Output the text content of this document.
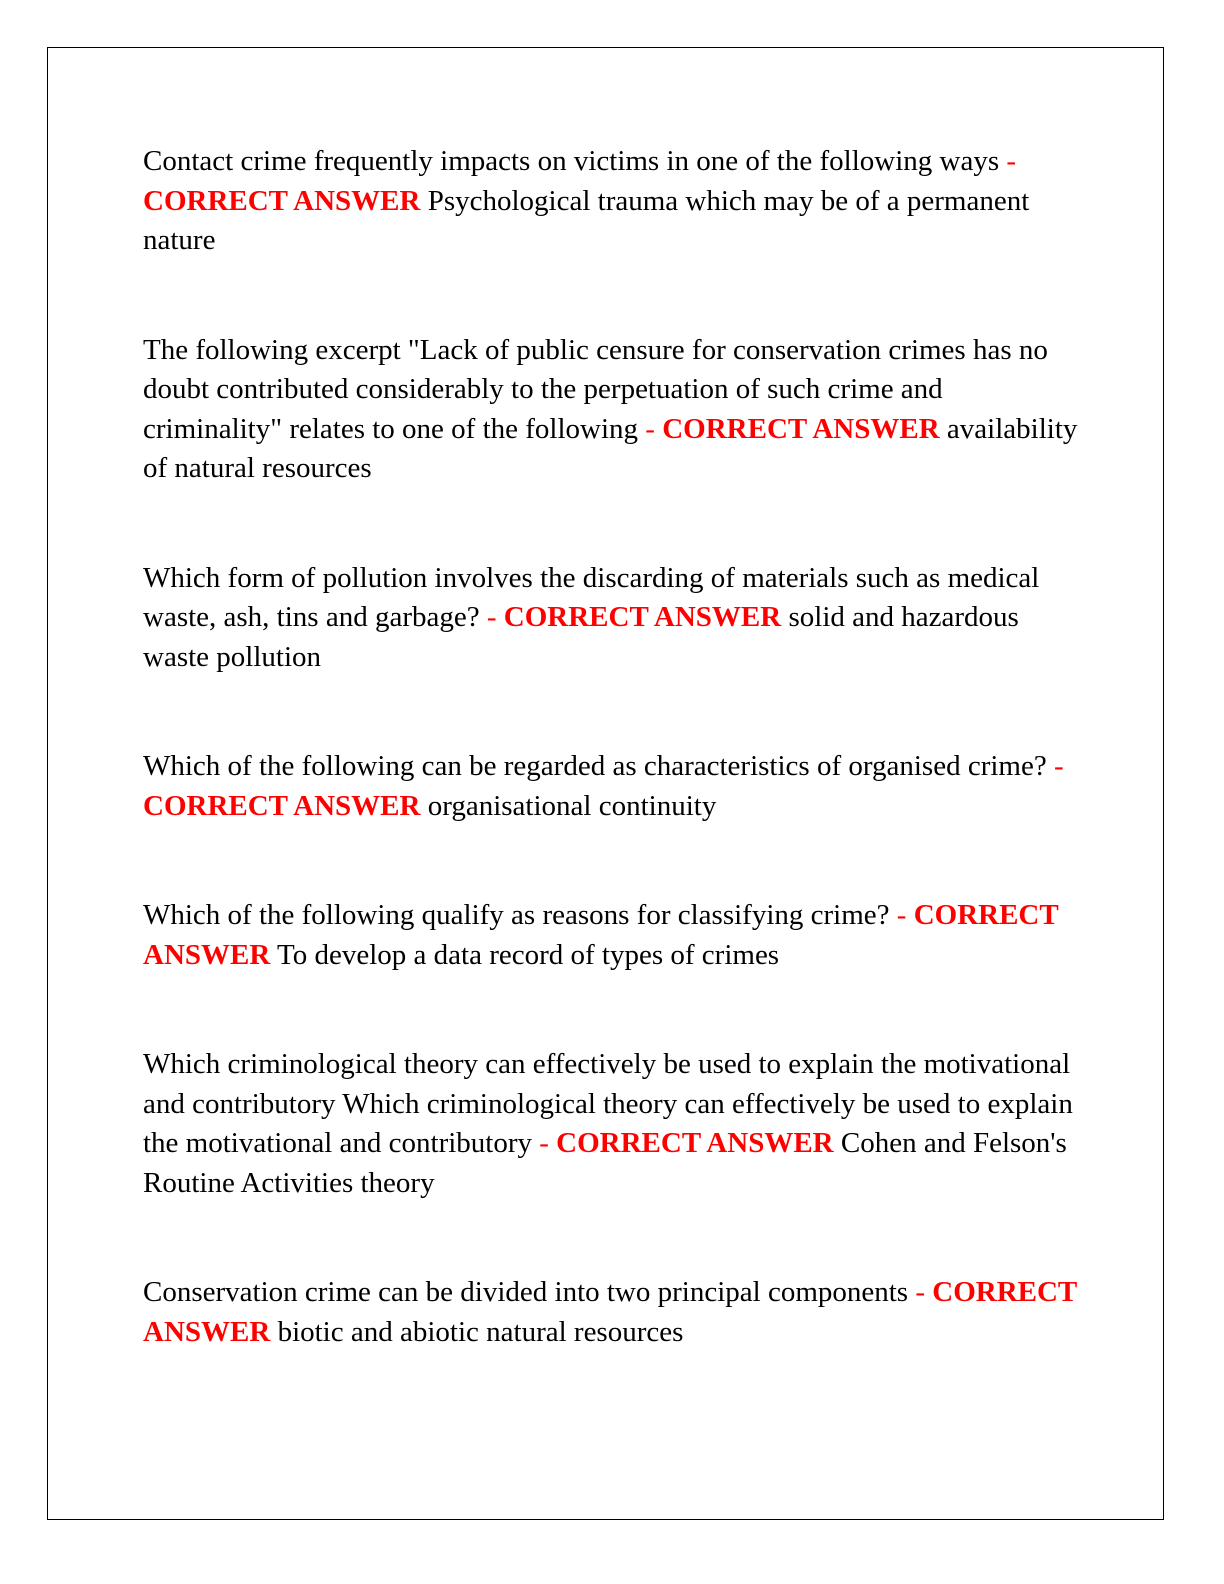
Contact crime frequently impacts on victims in one of the following ways - CORRECT ANSWER Psychological trauma which may be of a permanent nature

The following excerpt "Lack of public censure for conservation crimes has no doubt contributed considerably to the perpetuation of such crime and criminality" relates to one of the following - CORRECT ANSWER availability of natural resources

Which form of pollution involves the discarding of materials such as medical waste, ash, tins and garbage? - CORRECT ANSWER solid and hazardous waste pollution

Which of the following can be regarded as characteristics of organised crime? - CORRECT ANSWER organisational continuity

Which of the following qualify as reasons for classifying crime? - CORRECT ANSWER To develop a data record of types of crimes

Which criminological theory can effectively be used to explain the motivational and contributory Which criminological theory can effectively be used to explain the motivational and contributory - CORRECT ANSWER Cohen and Felson's Routine Activities theory

Conservation crime can be divided into two principal components - CORRECT ANSWER biotic and abiotic natural resources
